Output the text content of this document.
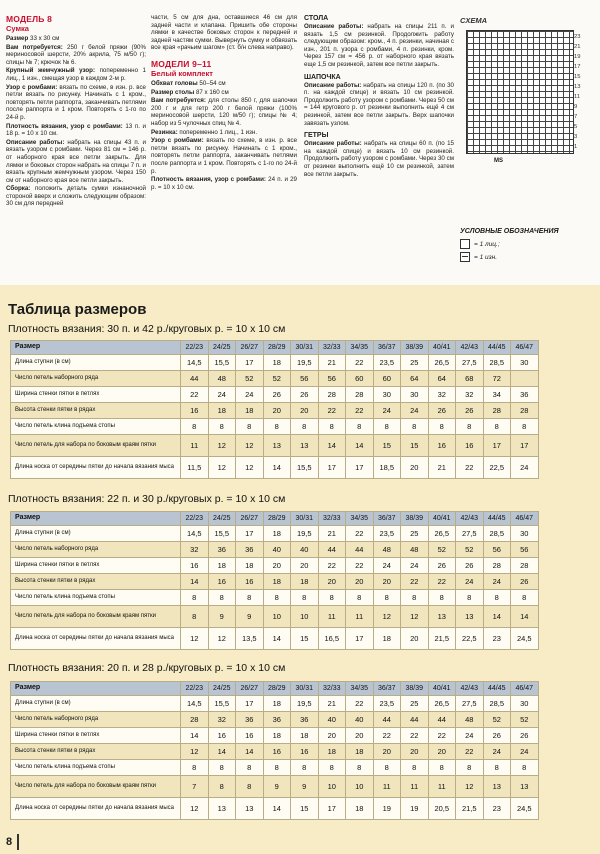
МОДЕЛЬ 8
Сумка

Размер 33 x 30 см

Вам потребуется: 250 г белой пряжи (90% мериносовой шерсти, 20% акрила, 75 м/50 г); спицы № 7; крючок № 6.

Крупный жемчужный узор: попеременно 1 лиц., 1 изн., смещая узор в каждом 2-м р.

Узор с ромбами: вязать по схеме, в изн. р. все петли вязать по рисунку. Начинать с 1 кром., повторять петли раппорта, заканчивать петлями после раппорта и 1 кром. Повторять с 1-го по 24-й р.

Плотность вязания, узор с ромбами: 13 п. и 18 р. = 10 x 10 см.

Описание работы: набрать на спицы 43 п. и вязать узором с ромбами. Через 81 см = 146 р. от наборного края все петли закрыть. Для лямки и боковых сторон набрать на спицы 7 п. и вязать крупным жемчужным узором. Через 150 см от наборного края все петли закрыть.

Сборка: положить деталь сумки изнаночной стороной вверх и сложить следующим образом: 30 см для передней

части, 5 см для дна, оставшиеся 46 см для задней части и клапана. Пришить обе стороны лямки в качестве боковых сторон к передней и задней частям сумки. Вывернуть сумку и обвязать все края «рачьим шагом» (ст. б/н слева направо).

МОДЕЛИ 9–11
Белый комплект

Обхват головы 50–54 см

Размер столы 87 x 160 см

Вам потребуется: для столы 850 г, для шапочки 200 г и для гетр 200 г белой пряжи (100% мериносовой шерсти, 120 м/50 г); спицы № 4; набор из 5 чулочных спиц № 4.

Резинка: попеременно 1 лиц., 1 изн.

Узор с ромбами: вязать по схеме, в изн. р. все петли вязать по рисунку. Начинать с 1 кром., повторять петли раппорта, заканчивать петлями после раппорта и 1 кром. Повторять с 1-го по 24-й р.

Плотность вязания, узор с ромбами: 24 п. и 29 р. = 10 x 10 см.

СТОЛА

Описание работы: набрать на спицы 211 п. и вязать 1,5 см резинкой. Продолжить работу следующим образом: кром., 4 п. резинки, начиная с изн., 201 п. узора с ромбами, 4 п. резинки, кром. Через 157 см = 456 р. от наборного края вязать еще 1,5 см резинкой, затем все петли закрыть.

ШАПОЧКА

Описание работы: набрать на спицы 120 п. (по 30 п. на каждой спице) и вязать 10 см резинкой. Продолжить работу узором с ромбами. Через 50 см = 144 кругового р. от резинки выполнить ещё 4 см резинкой, затем все петли закрыть. Верх шапочки завязать узлом.

ГЕТРЫ

Описание работы: набрать на спицы 60 п. (по 15 на каждой спице) и вязать 10 см резинкой. Продолжить работу узором с ромбами. Через 30 см от резинки выполнить ещё 10 см резинкой, затем все петли закрыть.

СХЕМА
23
21
19
17
15
13
11
9
7
5
3
1
MS
УСЛОВНЫЕ ОБОЗНАЧЕНИЯ
= 1 лиц.;
= 1 изн.
Таблица размеров
Плотность вязания: 30 п. и 42 р./круговых р. = 10 x 10 см
Размер	22/23	24/25	26/27	28/29	30/31	32/33	34/35	36/37	38/39	40/41	42/43	44/45	46/47
Длина ступни (в см)	14,5	15,5	17	18	19,5	21	22	23,5	25	26,5	27,5	28,5	30
Число петель наборного ряда	44	48	52	52	56	56	60	60	64	64	68	72	
Ширина стенки пятки в петлях	22	24	24	26	26	28	28	30	30	32	32	34	36
Высота стенки пятки в рядах	16	18	18	20	20	22	22	24	24	26	26	28	28
Число петель клина подъема стопы	8	8	8	8	8	8	8	8	8	8	8	8	8
Число петель для набора по боковым краям пятки	11	12	12	13	13	14	14	15	15	16	16	17	17
Длина носка от середины пятки до начала вязания мыса	11,5	12	12	14	15,5	17	17	18,5	20	21	22	22,5	24
Плотность вязания: 22 п. и 30 р./круговых р. = 10 x 10 см
Размер	22/23	24/25	26/27	28/29	30/31	32/33	34/35	36/37	38/39	40/41	42/43	44/45	46/47
Длина ступни (в см)	14,5	15,5	17	18	19,5	21	22	23,5	25	26,5	27,5	28,5	30
Число петель наборного ряда	32	36	36	40	40	44	44	48	48	52	52	56	56
Ширина стенки пятки в петлях	16	18	18	20	20	22	22	24	24	26	26	28	28
Высота стенки пятки в рядах	14	16	16	18	18	20	20	20	22	22	24	24	26
Число петель клина подъема стопы	8	8	8	8	8	8	8	8	8	8	8	8	8
Число петель для набора по боковым краям пятки	8	9	9	10	10	11	11	12	12	13	13	14	14
Длина носка от середины пятки до начала вязания мыса	12	12	13,5	14	15	16,5	17	18	20	21,5	22,5	23	24,5
Плотность вязания: 20 п. и 28 р./круговых р. = 10 x 10 см
Размер	22/23	24/25	26/27	28/29	30/31	32/33	34/35	36/37	38/39	40/41	42/43	44/45	46/47
Длина ступни (в см)	14,5	15,5	17	18	19,5	21	22	23,5	25	26,5	27,5	28,5	30
Число петель наборного ряда	28	32	36	36	36	40	40	44	44	44	48	52	52
Ширина стенки пятки в петлях	14	16	16	18	18	20	20	22	22	22	24	26	26
Высота стенки пятки в рядах	12	14	14	16	16	18	18	20	20	20	22	24	24
Число петель клина подъема стопы	8	8	8	8	8	8	8	8	8	8	8	8	8
Число петель для набора по боковым краям пятки	7	8	8	9	9	10	10	11	11	11	12	13	13
Длина носка от середины пятки до начала вязания мыса	12	13	13	14	15	17	18	19	19	20,5	21,5	23	24,5
8
